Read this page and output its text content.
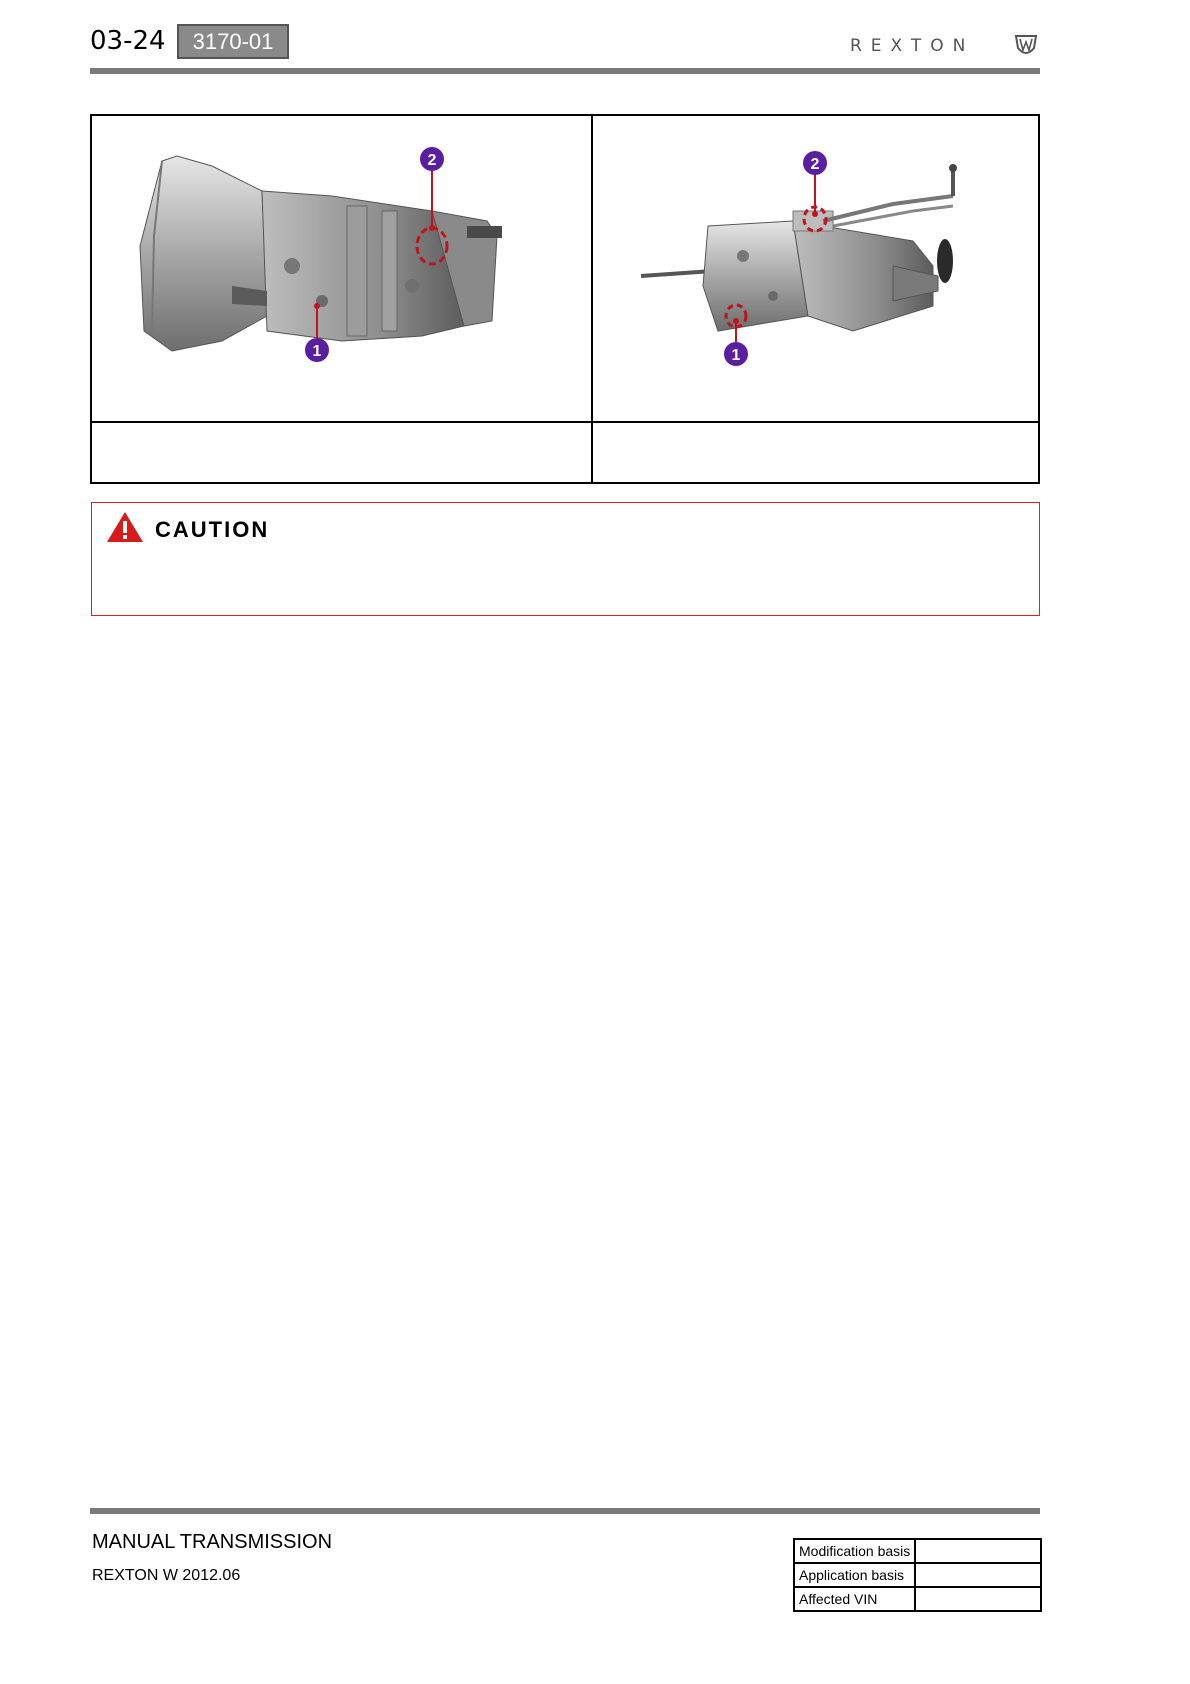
03-24	3170-01	REXTON
2
1
2
1
CAUTION
MANUAL TRANSMISSION
REXTON W 2012.06
Modification basis	
Application basis	
Affected VIN	
